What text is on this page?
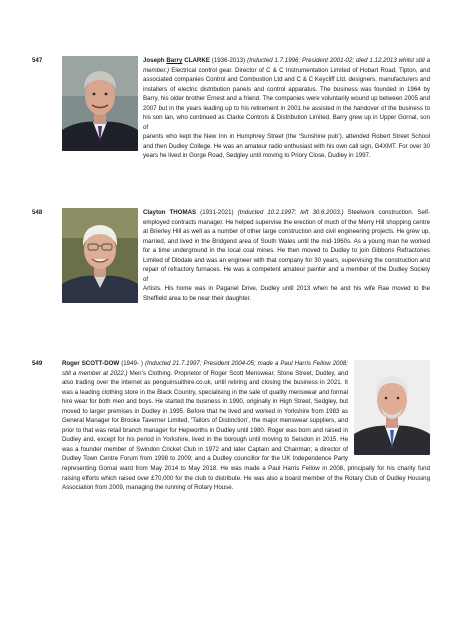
547	Joseph Barry CLARKE (1936-2013) (Inducted 1.7.1996; President 2001-02; died 1.12.2013 whilst still a member.) Electrical control gear. Director of C & C Instrumentation Limited of Hobart Road, Tipton, and associated companies Control and Combustion Ltd and C & C Keycliff Ltd, designers, manufacturers and installers of electric distribution panels and control apparatus. The business was founded in 1964 by Barry, his older brother Ernest and a friend. The companies were voluntarily wound up between 2005 and 2007 but in the years leading up to his retirement in 2001 he assisted in the handover of the business to his son Ian, who continued as Clarke Controls & Distribution Limited. Barry grew up in Upper Gornal, son of
parents who kept the New Inn in Humphrey Street (the ‘Sunshine pub’), attended Robert Street School and then Dudley College. He was an amateur radio enthusiast with his own call sign, G4XMT. For over 30 years he lived in Gorge Road, Sedgley until moving to Priory Close, Dudley in 1997.
548	Clayton THOMAS (1931-2021) (Inducted 10.2.1997; left 30.6.2003.) Steelwork construction. Self-employed contracts manager. He helped supervise the erection of much of the Merry Hill shopping centre at Brierley Hill as well as a number of other large construction and civil engineering projects. He grew up, married, and lived in the Bridgend area of South Wales until the mid-1960s. As a young man he worked for a time underground in the local coal mines. He then moved to Dudley to join Gibbons Refractories Limited of Dibdale and was an engineer with that company for 30 years, supervising the construction and repair of refractory furnaces. He was a competent amateur painter and a member of the Dudley Society of
Artists. His home was in Paganel Drive, Dudley until 2013 when he and his wife Rae moved to the Sheffield area to be near their daughter.
549	Roger SCOTT-DOW (1949- ) (Inducted 21.7.1997; President 2004-05; made a Paul Harris Fellow 2008; still a member at 2022.) Men’s Clothing. Proprietor of Roger Scott Menswear, Stone Street, Dudley, and also trading over the internet as penguinsuithire.co.uk, until retiring and closing the business in 2021. It was a leading clothing store in the Black Country, specialising in the sale of quality menswear and formal hire wear for both men and boys. He started the business in 1990, originally in High Street, Sedgley, but moved to larger premises in Dudley in 1995. Before that he lived and worked in Yorkshire from 1983 as General Manager for Brooke Taverner Limited, ‘Tailors of Distinction’, the major menswear suppliers, and prior to that was retail branch manager for Hepworths in Dudley until 1980. Roger was born and raised in Dudley and, except for his period in Yorkshire, lived in the borough until moving to Seisdon in 2015. He was a founder member of Swindon Cricket Club in 1972 and later Captain and Chairman; a director of Dudley Town Centre Forum from 1998 to 2009; and a Dudley councillor for the UK Independence Party representing Gornal ward from May 2014 to May 2018. He was made a Paul Harris Fellow in 2008, principally for his charity fund raising efforts which raised over £70,000 for the club to distribute. He was also a board member of the Rotary Club of Dudley Housing Association from 2009, managing the running of Rotary House.
